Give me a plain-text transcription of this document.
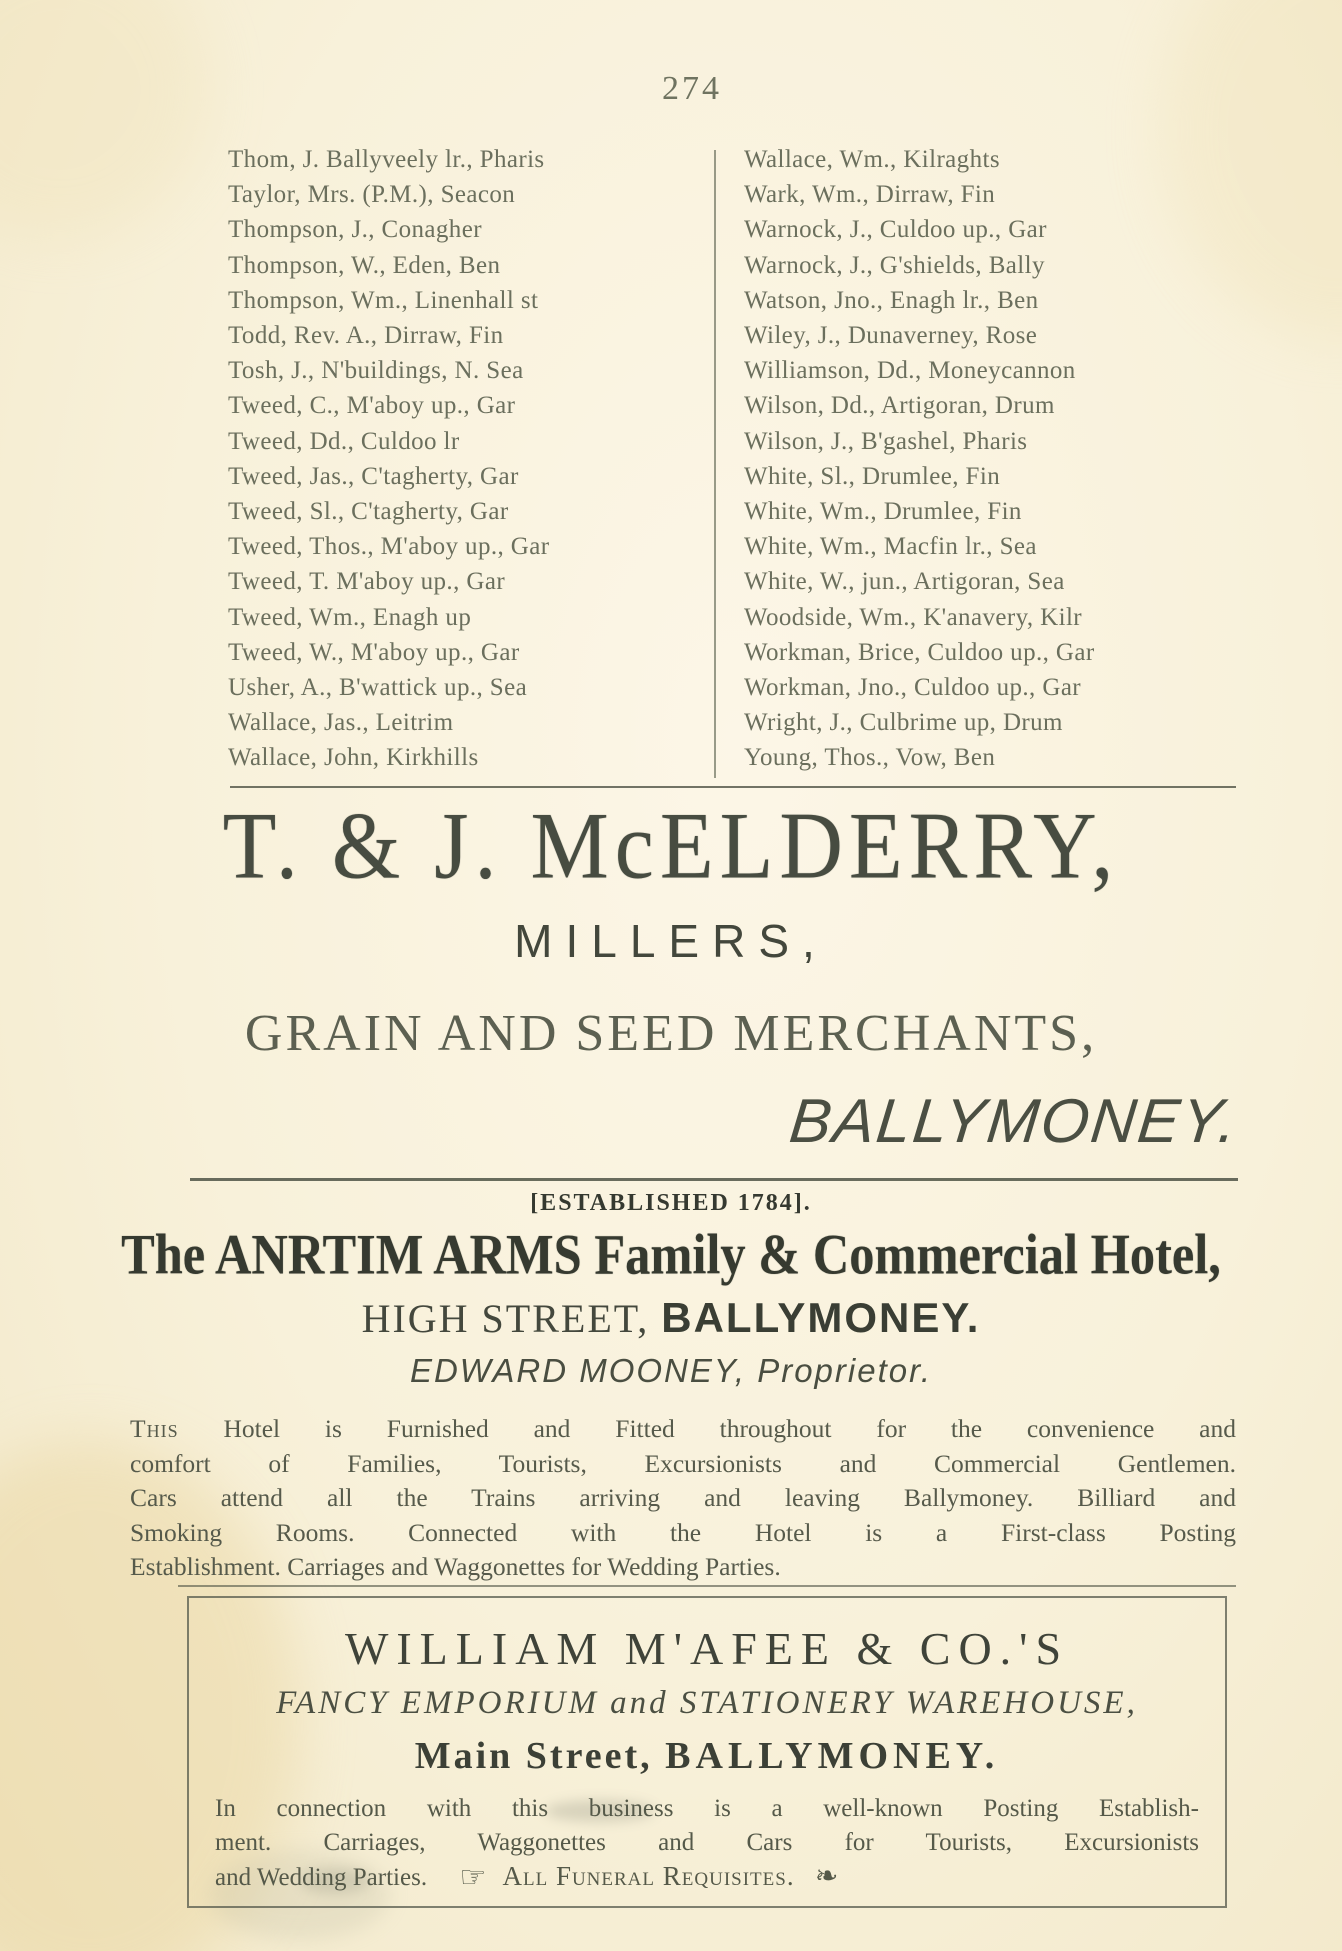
274
Thom, J. Ballyveely lr., Pharis
Taylor, Mrs. (P.M.), Seacon
Thompson, J., Conagher
Thompson, W., Eden, Ben
Thompson, Wm., Linenhall st
Todd, Rev. A., Dirraw, Fin
Tosh, J., N'buildings, N. Sea
Tweed, C., M'aboy up., Gar
Tweed, Dd., Culdoo lr
Tweed, Jas., C'tagherty, Gar
Tweed, Sl., C'tagherty, Gar
Tweed, Thos., M'aboy up., Gar
Tweed, T. M'aboy up., Gar
Tweed, Wm., Enagh up
Tweed, W., M'aboy up., Gar
Usher, A., B'wattick up., Sea
Wallace, Jas., Leitrim
Wallace, John, Kirkhills
Wallace, Wm., Kilraghts
Wark, Wm., Dirraw, Fin
Warnock, J., Culdoo up., Gar
Warnock, J., G'shields, Bally
Watson, Jno., Enagh lr., Ben
Wiley, J., Dunaverney, Rose
Williamson, Dd., Moneycannon
Wilson, Dd., Artigoran, Drum
Wilson, J., B'gashel, Pharis
White, Sl., Drumlee, Fin
White, Wm., Drumlee, Fin
White, Wm., Macfin lr., Sea
White, W., jun., Artigoran, Sea
Woodside, Wm., K'anavery, Kilr
Workman, Brice, Culdoo up., Gar
Workman, Jno., Culdoo up., Gar
Wright, J., Culbrime up, Drum
Young, Thos., Vow, Ben
T. & J. McELDERRY,
MILLERS,
GRAIN AND SEED MERCHANTS,
BALLYMONEY.
[ESTABLISHED 1784].
The ANRTIM ARMS Family & Commercial Hotel,
HIGH STREET, BALLYMONEY.
EDWARD MOONEY, Proprietor.
This Hotel is Furnished and Fitted throughout for the convenience and
comfort of Families, Tourists, Excursionists and Commercial Gentlemen.
Cars attend all the Trains arriving and leaving Ballymoney. Billiard and
Smoking Rooms. Connected with the Hotel is a First-class Posting
Establishment. Carriages and Waggonettes for Wedding Parties.
WILLIAM M'AFEE & CO.'S
FANCY EMPORIUM and STATIONERY WAREHOUSE,
Main Street, BALLYMONEY.
In connection with this business is a well-known Posting Establish-
ment. Carriages, Waggonettes and Cars for Tourists, Excursionists
and Wedding Parties. ☞ All Funeral Requisites. ❧
